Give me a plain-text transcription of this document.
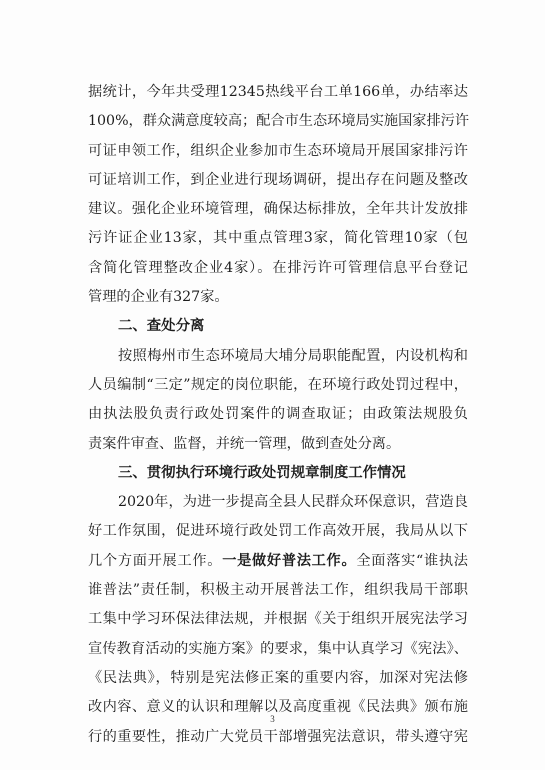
据统计，今年共受理12345热线平台工单166单，办结率达
100%，群众满意度较高；配合市生态环境局实施国家排污许
可证申领工作，组织企业参加市生态环境局开展国家排污许
可证培训工作，到企业进行现场调研，提出存在问题及整改
建议。强化企业环境管理，确保达标排放，全年共计发放排
污许证企业13家，其中重点管理3家，简化管理10家（包
含简化管理整改企业4家）。在排污许可管理信息平台登记
管理的企业有327家。
二、查处分离
按照梅州市生态环境局大埔分局职能配置，内设机构和
人员编制“三定”规定的岗位职能，在环境行政处罚过程中，
由执法股负责行政处罚案件的调查取证；由政策法规股负
责案件审查、监督，并统一管理，做到查处分离。
三、贯彻执行环境行政处罚规章制度工作情况
2020年，为进一步提高全县人民群众环保意识，营造良
好工作氛围，促进环境行政处罚工作高效开展，我局从以下
几个方面开展工作。一是做好普法工作。全面落实“谁执法
谁普法”责任制，积极主动开展普法工作，组织我局干部职
工集中学习环保法律法规，并根据《关于组织开展宪法学习
宣传教育活动的实施方案》的要求，集中认真学习《宪法》、
《民法典》，特别是宪法修正案的重要内容，加深对宪法修
改内容、意义的认识和理解以及高度重视《民法典》颁布施
行的重要性，推动广大党员干部增强宪法意识，带头遵守宪
3
